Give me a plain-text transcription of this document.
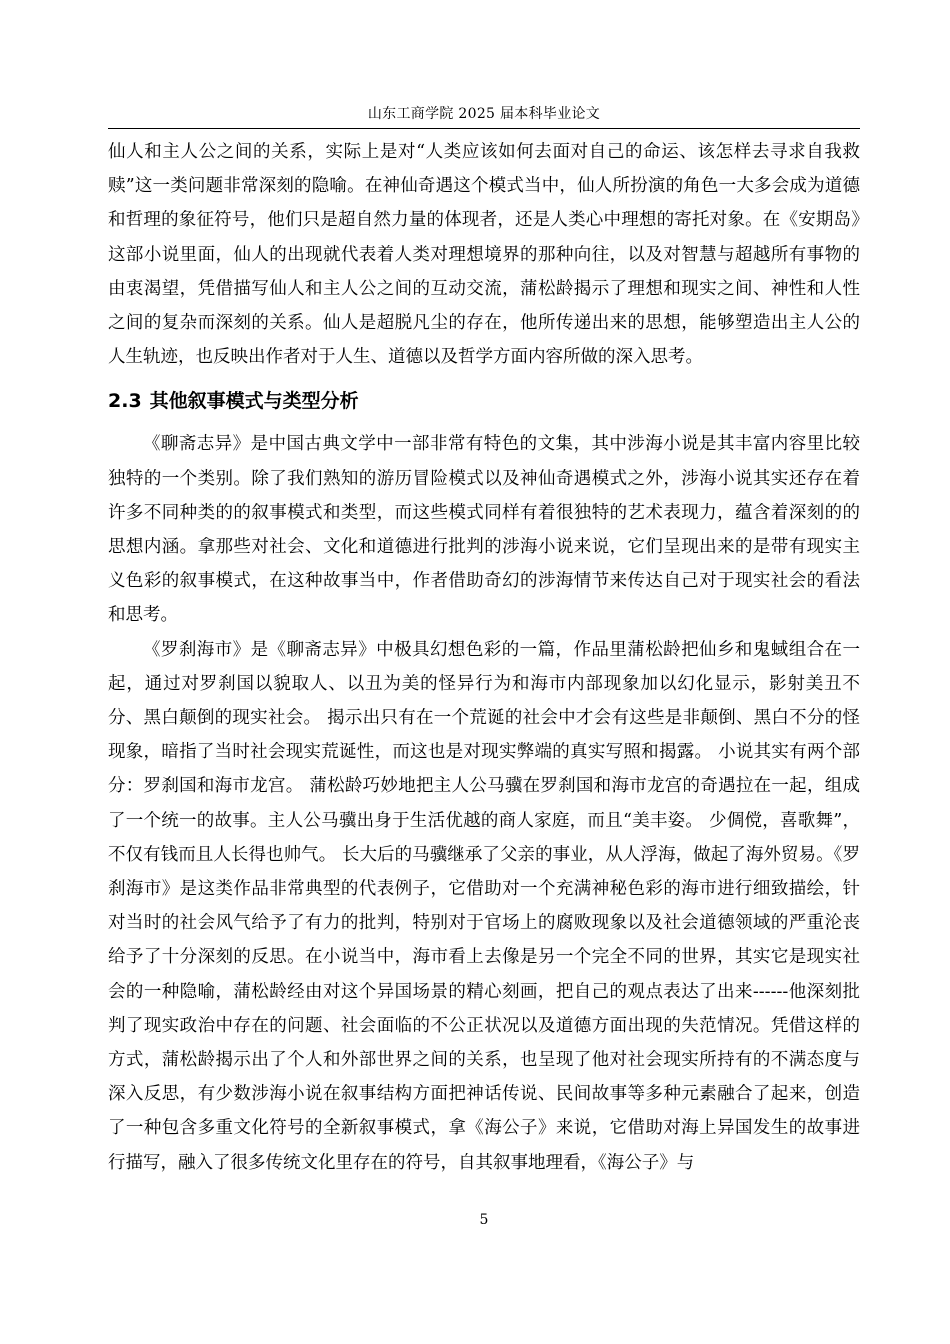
山东工商学院 2025 届本科毕业论文

仙人和主人公之间的关系，实际上是对“人类应该如何去面对自己的命运、该怎样去寻求自我救赎”这一类问题非常深刻的隐喻。在神仙奇遇这个模式当中，仙人所扮演的角色一大多会成为道德和哲理的象征符号，他们只是超自然力量的体现者，还是人类心中理想的寄托对象。在《安期岛》这部小说里面，仙人的出现就代表着人类对理想境界的那种向往，以及对智慧与超越所有事物的由衷渴望，凭借描写仙人和主人公之间的互动交流，蒲松龄揭示了理想和现实之间、神性和人性之间的复杂而深刻的关系。仙人是超脱凡尘的存在，他所传递出来的思想，能够塑造出主人公的人生轨迹，也反映出作者对于人生、道德以及哲学方面内容所做的深入思考。

2.3 其他叙事模式与类型分析

《聊斋志异》是中国古典文学中一部非常有特色的文集，其中涉海小说是其丰富内容里比较独特的一个类别。除了我们熟知的游历冒险模式以及神仙奇遇模式之外，涉海小说其实还存在着许多不同种类的的叙事模式和类型，而这些模式同样有着很独特的艺术表现力，蕴含着深刻的的思想内涵。拿那些对社会、文化和道德进行批判的涉海小说来说，它们呈现出来的是带有现实主义色彩的叙事模式，在这种故事当中，作者借助奇幻的涉海情节来传达自己对于现实社会的看法和思考。

《罗刹海市》是《聊斋志异》中极具幻想色彩的一篇，作品里蒲松龄把仙乡和鬼蜮组合在一起，通过对罗刹国以貌取人、以丑为美的怪异行为和海市内部现象加以幻化显示，影射美丑不分、黑白颠倒的现实社会。 揭示出只有在一个荒诞的社会中才会有这些是非颠倒、黑白不分的怪现象，暗指了当时社会现实荒诞性，而这也是对现实弊端的真实写照和揭露。 小说其实有两个部分：罗刹国和海市龙宫。 蒲松龄巧妙地把主人公马骥在罗刹国和海市龙宫的奇遇拉在一起，组成了一个统一的故事。主人公马骥出身于生活优越的商人家庭，而且“美丰姿。 少倜傥，喜歌舞”，不仅有钱而且人长得也帅气。 长大后的马骥继承了父亲的事业，从人浮海，做起了海外贸易。《罗刹海市》是这类作品非常典型的代表例子，它借助对一个充满神秘色彩的海市进行细致描绘，针对当时的社会风气给予了有力的批判，特别对于官场上的腐败现象以及社会道德领域的严重沦丧给予了十分深刻的反思。在小说当中，海市看上去像是另一个完全不同的世界，其实它是现实社会的一种隐喻，蒲松龄经由对这个异国场景的精心刻画，把自己的观点表达了出来------他深刻批判了现实政治中存在的问题、社会面临的不公正状况以及道德方面出现的失范情况。凭借这样的方式，蒲松龄揭示出了个人和外部世界之间的关系，也呈现了他对社会现实所持有的不满态度与深入反思，有少数涉海小说在叙事结构方面把神话传说、民间故事等多种元素融合了起来，创造了一种包含多重文化符号的全新叙事模式，拿《海公子》来说，它借助对海上异国发生的故事进行描写，融入了很多传统文化里存在的符号，自其叙事地理看，《海公子》与

5
